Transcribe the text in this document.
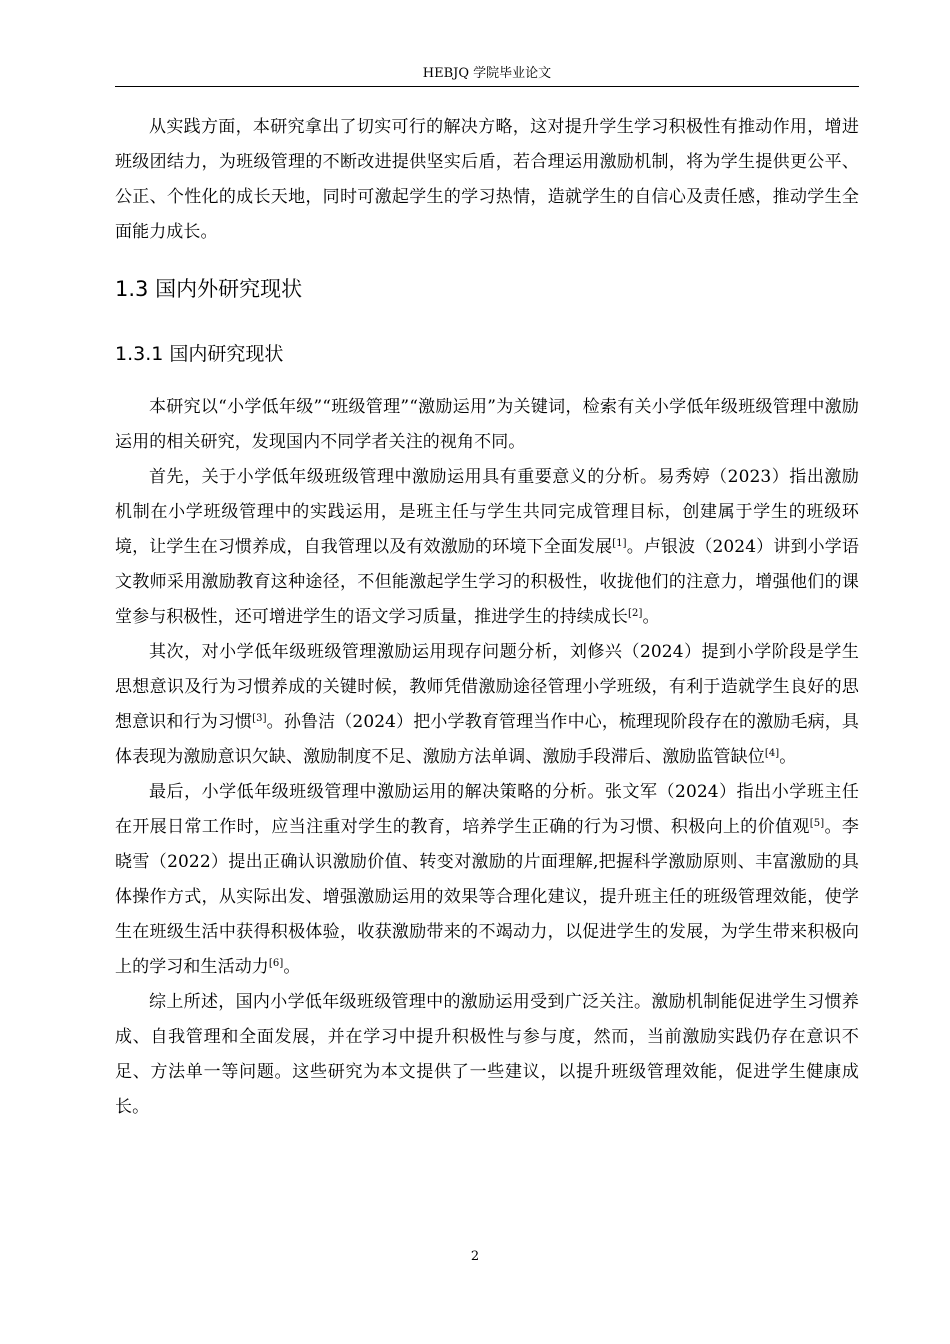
HEBJQ 学院毕业论文

从实践方面，本研究拿出了切实可行的解决方略，这对提升学生学习积极性有推动作用，增进班级团结力，为班级管理的不断改进提供坚实后盾，若合理运用激励机制，将为学生提供更公平、公正、个性化的成长天地，同时可激起学生的学习热情，造就学生的自信心及责任感，推动学生全面能力成长。

1.3 国内外研究现状
1.3.1 国内研究现状

本研究以“小学低年级”“班级管理”“激励运用”为关键词，检索有关小学低年级班级管理中激励运用的相关研究，发现国内不同学者关注的视角不同。

首先，关于小学低年级班级管理中激励运用具有重要意义的分析。易秀婷（2023）指出激励机制在小学班级管理中的实践运用，是班主任与学生共同完成管理目标，创建属于学生的班级环境，让学生在习惯养成，自我管理以及有效激励的环境下全面发展[1]。卢银波（2024）讲到小学语文教师采用激励教育这种途径，不但能激起学生学习的积极性，收拢他们的注意力，增强他们的课堂参与积极性，还可增进学生的语文学习质量，推进学生的持续成长[2]。

其次，对小学低年级班级管理激励运用现存问题分析，刘修兴（2024）提到小学阶段是学生思想意识及行为习惯养成的关键时候，教师凭借激励途径管理小学班级，有利于造就学生良好的思想意识和行为习惯[3]。孙鲁洁（2024）把小学教育管理当作中心，梳理现阶段存在的激励毛病，具体表现为激励意识欠缺、激励制度不足、激励方法单调、激励手段滞后、激励监管缺位[4]。

最后，小学低年级班级管理中激励运用的解决策略的分析。张文军（2024）指出小学班主任在开展日常工作时，应当注重对学生的教育，培养学生正确的行为习惯、积极向上的价值观[5]。李晓雪（2022）提出正确认识激励价值、转变对激励的片面理解,把握科学激励原则、丰富激励的具体操作方式，从实际出发、增强激励运用的效果等合理化建议，提升班主任的班级管理效能，使学生在班级生活中获得积极体验，收获激励带来的不竭动力，以促进学生的发展，为学生带来积极向上的学习和生活动力[6]。

综上所述，国内小学低年级班级管理中的激励运用受到广泛关注。激励机制能促进学生习惯养成、自我管理和全面发展，并在学习中提升积极性与参与度，然而，当前激励实践仍存在意识不足、方法单一等问题。这些研究为本文提供了一些建议，以提升班级管理效能，促进学生健康成长。

2
